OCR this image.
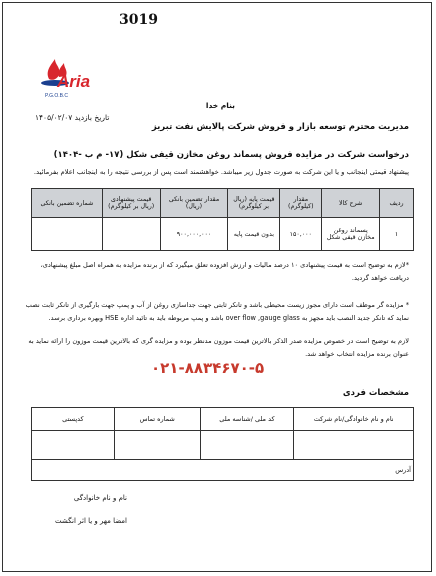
3019
Aria
P.G.O.B.C
تاریخ بازدید ۱۴۰۵/۰۲/۰۷
بنام خدا
مدیریت محترم توسعه بازار و فروش شرکت پالایش نفت تبریز
درخواست شرکت در مزایده فروش پسماند روغن مخازن قیفی شکل (۱۷- م ب -۱۴۰۴)
پیشنهاد قیمتی اینجانب و یا این شرکت به صورت جدول زیر میباشد. خواهشمند است پس از بررسی نتیجه را به اینجانب اعلام بفرمائید.
ردیف	شرح کالا	مقدار (کیلوگرم)	قیمت پایه (ریال بر کیلوگرم)	مقدار تضمین بانکی (ریال)	قیمت پیشنهادی (ریال بر کیلوگرم)	شماره تضمین بانکی
۱	پسماند روغن مخازن قیفی شکل	۱۵۰,۰۰۰	بدون قیمت پایه	۹۰۰,۰۰۰,۰۰۰		
*لازم به توضیح است به قیمت پیشنهادی ۱۰ درصد مالیات و ارزش افزوده تعلق میگیرد که از برنده مزایده به همراه اصل مبلغ پیشنهادی، دریافت خواهد گردید.
* مزایده گر موظف است دارای مجوز زیست محیطی باشد و تانکر ثابتی جهت جداسازی روغن از آب و پمپ جهت بارگیری از تانکر ثابت نصب نماید که تانکر جدید النصب باید مجهز به over flow ,gauge glass باشد و پمپ مربوطه باید به تائید اداره HSE وبهره برداری برسد.
لازم به توضیح است در خصوص مزایده صدر الذکر بالاترین قیمت موزون مدنظر بوده و مزایده گری که بالاترین قیمت موزون را ارائه نماید به عنوان برنده مزایده انتخاب خواهد شد.
۰۲۱-۸۸۳۴۶۷۰-۵
مشخصات فردی
نام و نام خانوادگی/نام شرکت	کد ملی /شناسه ملی	شماره تماس	کدپستی

آدرس			
نام و نام خانوادگی
امضا مهر و یا اثر انگشت
